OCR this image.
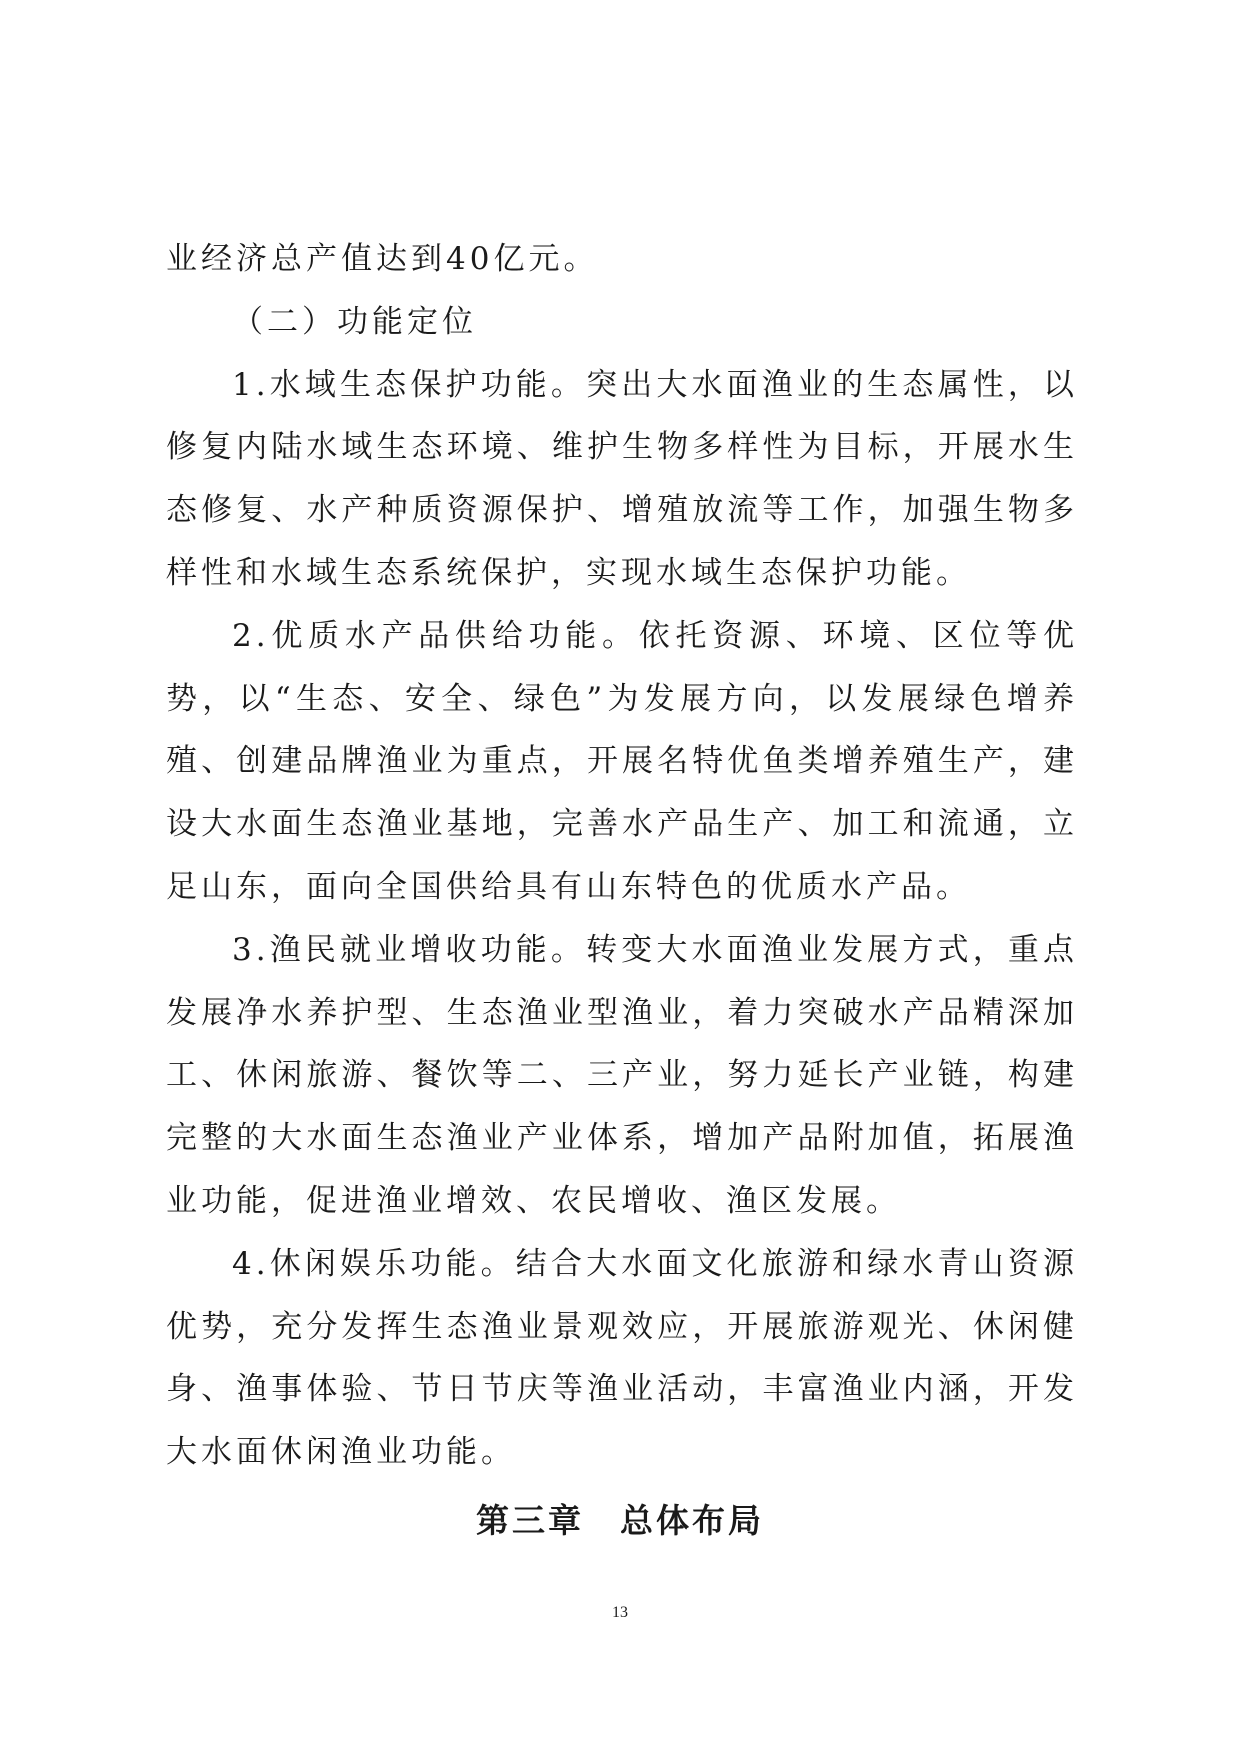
业经济总产值达到40亿元。

（二）功能定位

1.水域生态保护功能。突出大水面渔业的生态属性，以修复内陆水域生态环境、维护生物多样性为目标，开展水生态修复、水产种质资源保护、增殖放流等工作，加强生物多样性和水域生态系统保护，实现水域生态保护功能。

2.优质水产品供给功能。依托资源、环境、区位等优势，以“生态、安全、绿色”为发展方向，以发展绿色增养殖、创建品牌渔业为重点，开展名特优鱼类增养殖生产，建设大水面生态渔业基地，完善水产品生产、加工和流通，立足山东，面向全国供给具有山东特色的优质水产品。

3.渔民就业增收功能。转变大水面渔业发展方式，重点发展净水养护型、生态渔业型渔业，着力突破水产品精深加工、休闲旅游、餐饮等二、三产业，努力延长产业链，构建完整的大水面生态渔业产业体系，增加产品附加值，拓展渔业功能，促进渔业增效、农民增收、渔区发展。

4.休闲娱乐功能。结合大水面文化旅游和绿水青山资源优势，充分发挥生态渔业景观效应，开展旅游观光、休闲健身、渔事体验、节日节庆等渔业活动，丰富渔业内涵，开发大水面休闲渔业功能。

第三章　总体布局
13
